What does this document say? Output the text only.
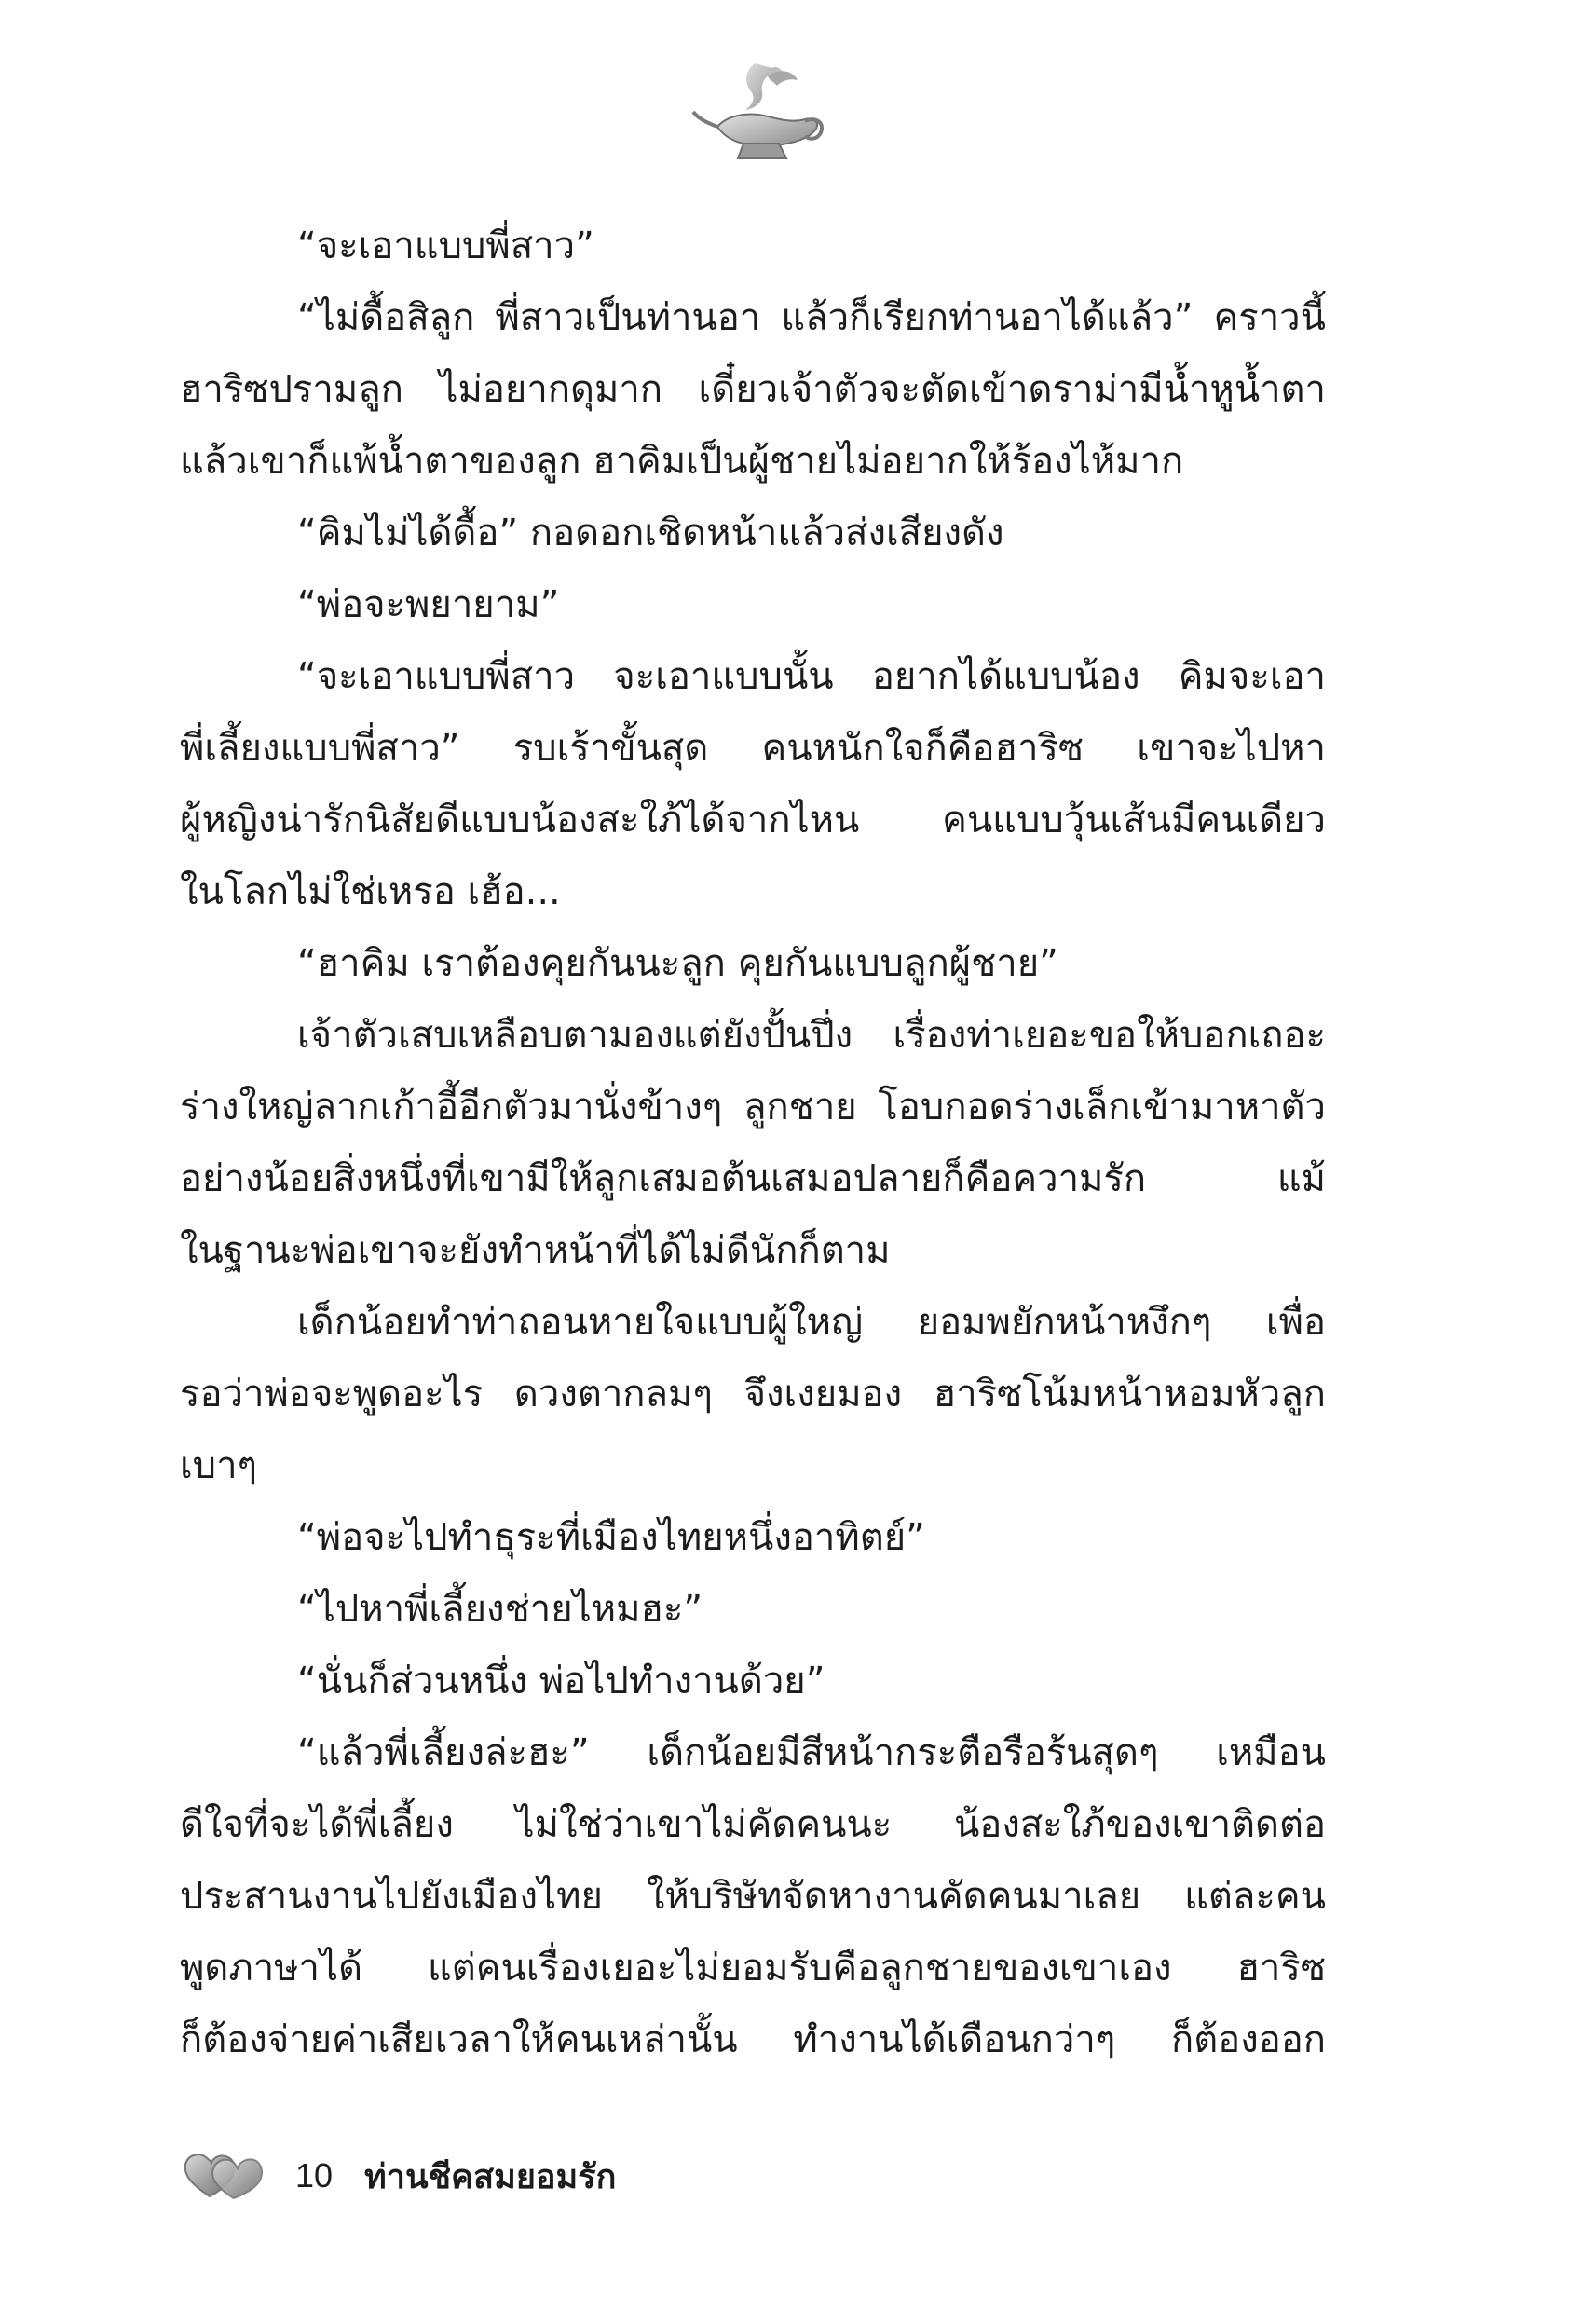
“จะเอาแบบพี่สาว”
“ไม่ดื้อสิลูก พี่สาวเป็นท่านอา แล้วก็เรียกท่านอาได้แล้ว” คราวนี้
ฮาริซปรามลูก ไม่อยากดุมาก เดี๋ยวเจ้าตัวจะตัดเข้าดราม่ามีน้ำหูน้ำตา
แล้วเขาก็แพ้น้ำตาของลูก ฮาคิมเป็นผู้ชายไม่อยากให้ร้องไห้มาก
“คิมไม่ได้ดื้อ” กอดอกเชิดหน้าแล้วส่งเสียงดัง
“พ่อจะพยายาม”
“จะเอาแบบพี่สาว จะเอาแบบนั้น อยากได้แบบน้อง คิมจะเอา
พี่เลี้ยงแบบพี่สาว” รบเร้าขั้นสุด คนหนักใจก็คือฮาริซ เขาจะไปหา
ผู้หญิงน่ารักนิสัยดีแบบน้องสะใภ้ได้จากไหน คนแบบวุ้นเส้นมีคนเดียว
ในโลกไม่ใช่เหรอ เฮ้อ...
“ฮาคิม เราต้องคุยกันนะลูก คุยกันแบบลูกผู้ชาย”
เจ้าตัวเสบเหลือบตามองแต่ยังปั้นปึ่ง เรื่องท่าเยอะขอให้บอกเถอะ
ร่างใหญ่ลากเก้าอี้อีกตัวมานั่งข้างๆ ลูกชาย โอบกอดร่างเล็กเข้ามาหาตัว
อย่างน้อยสิ่งหนึ่งที่เขามีให้ลูกเสมอต้นเสมอปลายก็คือความรัก	แม้
ในฐานะพ่อเขาจะยังทำหน้าที่ได้ไม่ดีนักก็ตาม
เด็กน้อยทำท่าถอนหายใจแบบผู้ใหญ่ ยอมพยักหน้าหงึกๆ เพื่อ
รอว่าพ่อจะพูดอะไร ดวงตากลมๆ จึงเงยมอง ฮาริซโน้มหน้าหอมหัวลูก
เบาๆ
“พ่อจะไปทำธุระที่เมืองไทยหนึ่งอาทิตย์”
“ไปหาพี่เลี้ยงช่ายไหมฮะ”
“นั่นก็ส่วนหนึ่ง พ่อไปทำงานด้วย”
“แล้วพี่เลี้ยงล่ะฮะ” เด็กน้อยมีสีหน้ากระตือรือร้นสุดๆ เหมือน
ดีใจที่จะได้พี่เลี้ยง ไม่ใช่ว่าเขาไม่คัดคนนะ น้องสะใภ้ของเขาติดต่อ
ประสานงานไปยังเมืองไทย ให้บริษัทจัดหางานคัดคนมาเลย แต่ละคน
พูดภาษาได้ แต่คนเรื่องเยอะไม่ยอมรับคือลูกชายของเขาเอง ฮาริซ
ก็ต้องจ่ายค่าเสียเวลาให้คนเหล่านั้น ทำงานได้เดือนกว่าๆ ก็ต้องออก
10 ท่านชีคสมยอมรัก
